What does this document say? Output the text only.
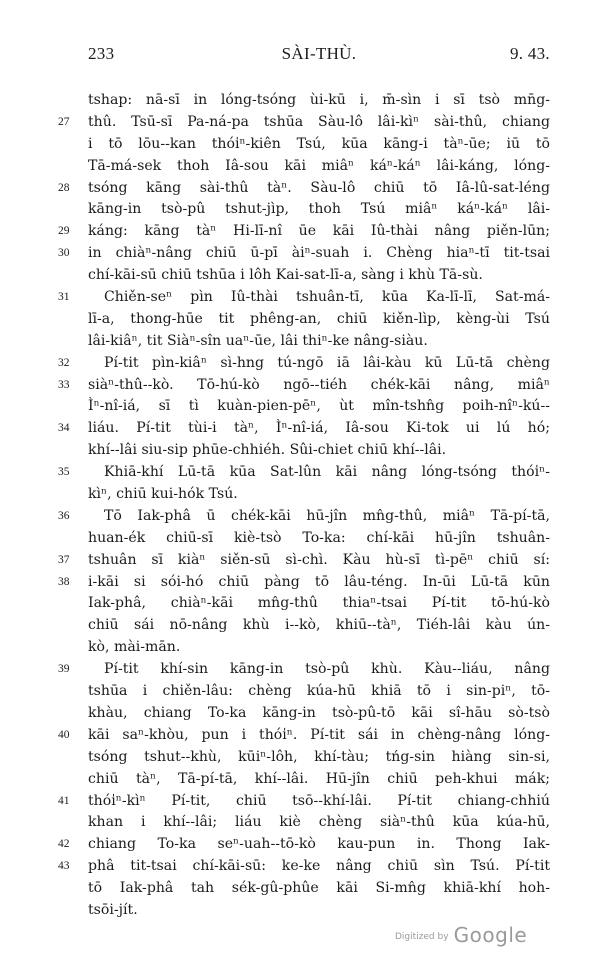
233	SÀI-THÙ.	9. 43.
tshap: nā-sī in lóng-tsóng ùi-kū i, m̄-sìn i sī tsò mn̄g-
27	thû. Tsū-sī Pa-ná-pa tshūa Sàu-lô lâi-kìⁿ sài-thû, chiang
i tō lōu--kan thói̍ⁿ-kiên Tsú, kūa kāng-i tàⁿ-ūe; iū tō
Tā-má-sek thoh Iâ-sou kāi miâⁿ káⁿ-káⁿ lâi-káng, lóng-
28	tsóng kāng sài-thû tàⁿ. Sàu-lô chiū tō Iâ-lû-sat-léng
kāng-in tsò-pû tshut-jìp, thoh Tsú miâⁿ káⁿ-káⁿ lâi-
29	káng: kāng tàⁿ Hi-lī-nî ūe kāi Iû-thài nâng piěn-lūn;
30	in chiàⁿ-nâng chiū ū-pī àiⁿ-suah i. Chèng hiaⁿ-tī tit-tsai
chí-kāi-sū chiū tshūa i lôh Kai-sat-lī-a, sàng i khù Tā-sù.
31	Chiěn-seⁿ pìn Iû-thài tshuân-tī, kūa Ka-lī-lī, Sat-má-
lī-a, thong-hūe tit phêng-an, chiū kiěn-lìp, kèng-ùi Tsú
lâi-kiâⁿ, tit Siàⁿ-sîn uaⁿ-ūe, lâi thiⁿ-ke nâng-siàu.
32	Pí-tit pìn-kiâⁿ sì-hng tú-ngō iā lâi-kàu kū Lū-tā chèng
33	siàⁿ-thû--kò. Tō-hú-kò ngō--tiéh chék-kāi nâng, miâⁿ
Ìⁿ-nî-iá, sī tì kuàn-pien-pēⁿ, ùt mîn-tshn̂g poih-nîⁿ-kú--
34	liáu. Pí-tit tùi-i tàⁿ, Ìⁿ-nî-iá, Iâ-sou Ki-tok ui lú hó;
khí--lâi siu-sip phūe-chhiéh. Sûi-chiet chiū khí--lâi.
35	Khiā-khí Lū-tā kūa Sat-lûn kāi nâng lóng-tsóng thói̍ⁿ-
kìⁿ, chiū kui-hók Tsú.
36	Tō Iak-phâ ū chék-kāi hū-jîn mn̂g-thû, miâⁿ Tā-pí-tā,
huan-ék chiū-sī kiè-tsò To-ka: chí-kāi hū-jîn tshuân-
37	tshuân sī kiàⁿ siěn-sū sì-chì. Kàu hù-sī tì-pēⁿ chiū sí:
38	i-kāi si sói-hó chiū pàng tō lâu-téng. In-ūi Lū-tā kūn
Iak-phâ, chiàⁿ-kāi mn̂g-thû thiaⁿ-tsai Pí-tit tō-hú-kò
chiū sái nō-nâng khù i--kò, khiū--tàⁿ, Tiéh-lâi kàu ún-
kò, mài-mān.
39	Pí-tit khí-sin kāng-in tsò-pû khù. Kàu--liáu, nâng
tshūa i chiěn-lâu: chèng kúa-hū khiā tō i sin-piⁿ, tō-
khàu, chiang To-ka kāng-in tsò-pû-tō kāi sî-hāu sò-tsò
40	kāi saⁿ-khòu, pun i thói̍ⁿ. Pí-tit sái in chèng-nâng lóng-
tsóng tshut--khù, kūiⁿ-lôh, khí-tàu; tńg-sin hiàng sin-si,
chiū tàⁿ, Tā-pí-tā, khí--lâi. Hū-jîn chiū peh-khui mák;
41	thói̍ⁿ-kìⁿ Pí-tit, chiū tsō--khí-lâi. Pí-tit chiang-chhiú
khan i khí--lâi; liáu kiè chèng siàⁿ-thû kūa kúa-hū,
42	chiang To-ka seⁿ-uah--tō-kò kau-pun in. Thong Iak-
43	phâ tit-tsai chí-kāi-sū: ke-ke nâng chiū sìn Tsú. Pí-tit
tō Iak-phâ tah sék-gû-phûe kāi Si-mn̂g khiā-khí hoh-
tsōi-jít.
Digitized by Google
